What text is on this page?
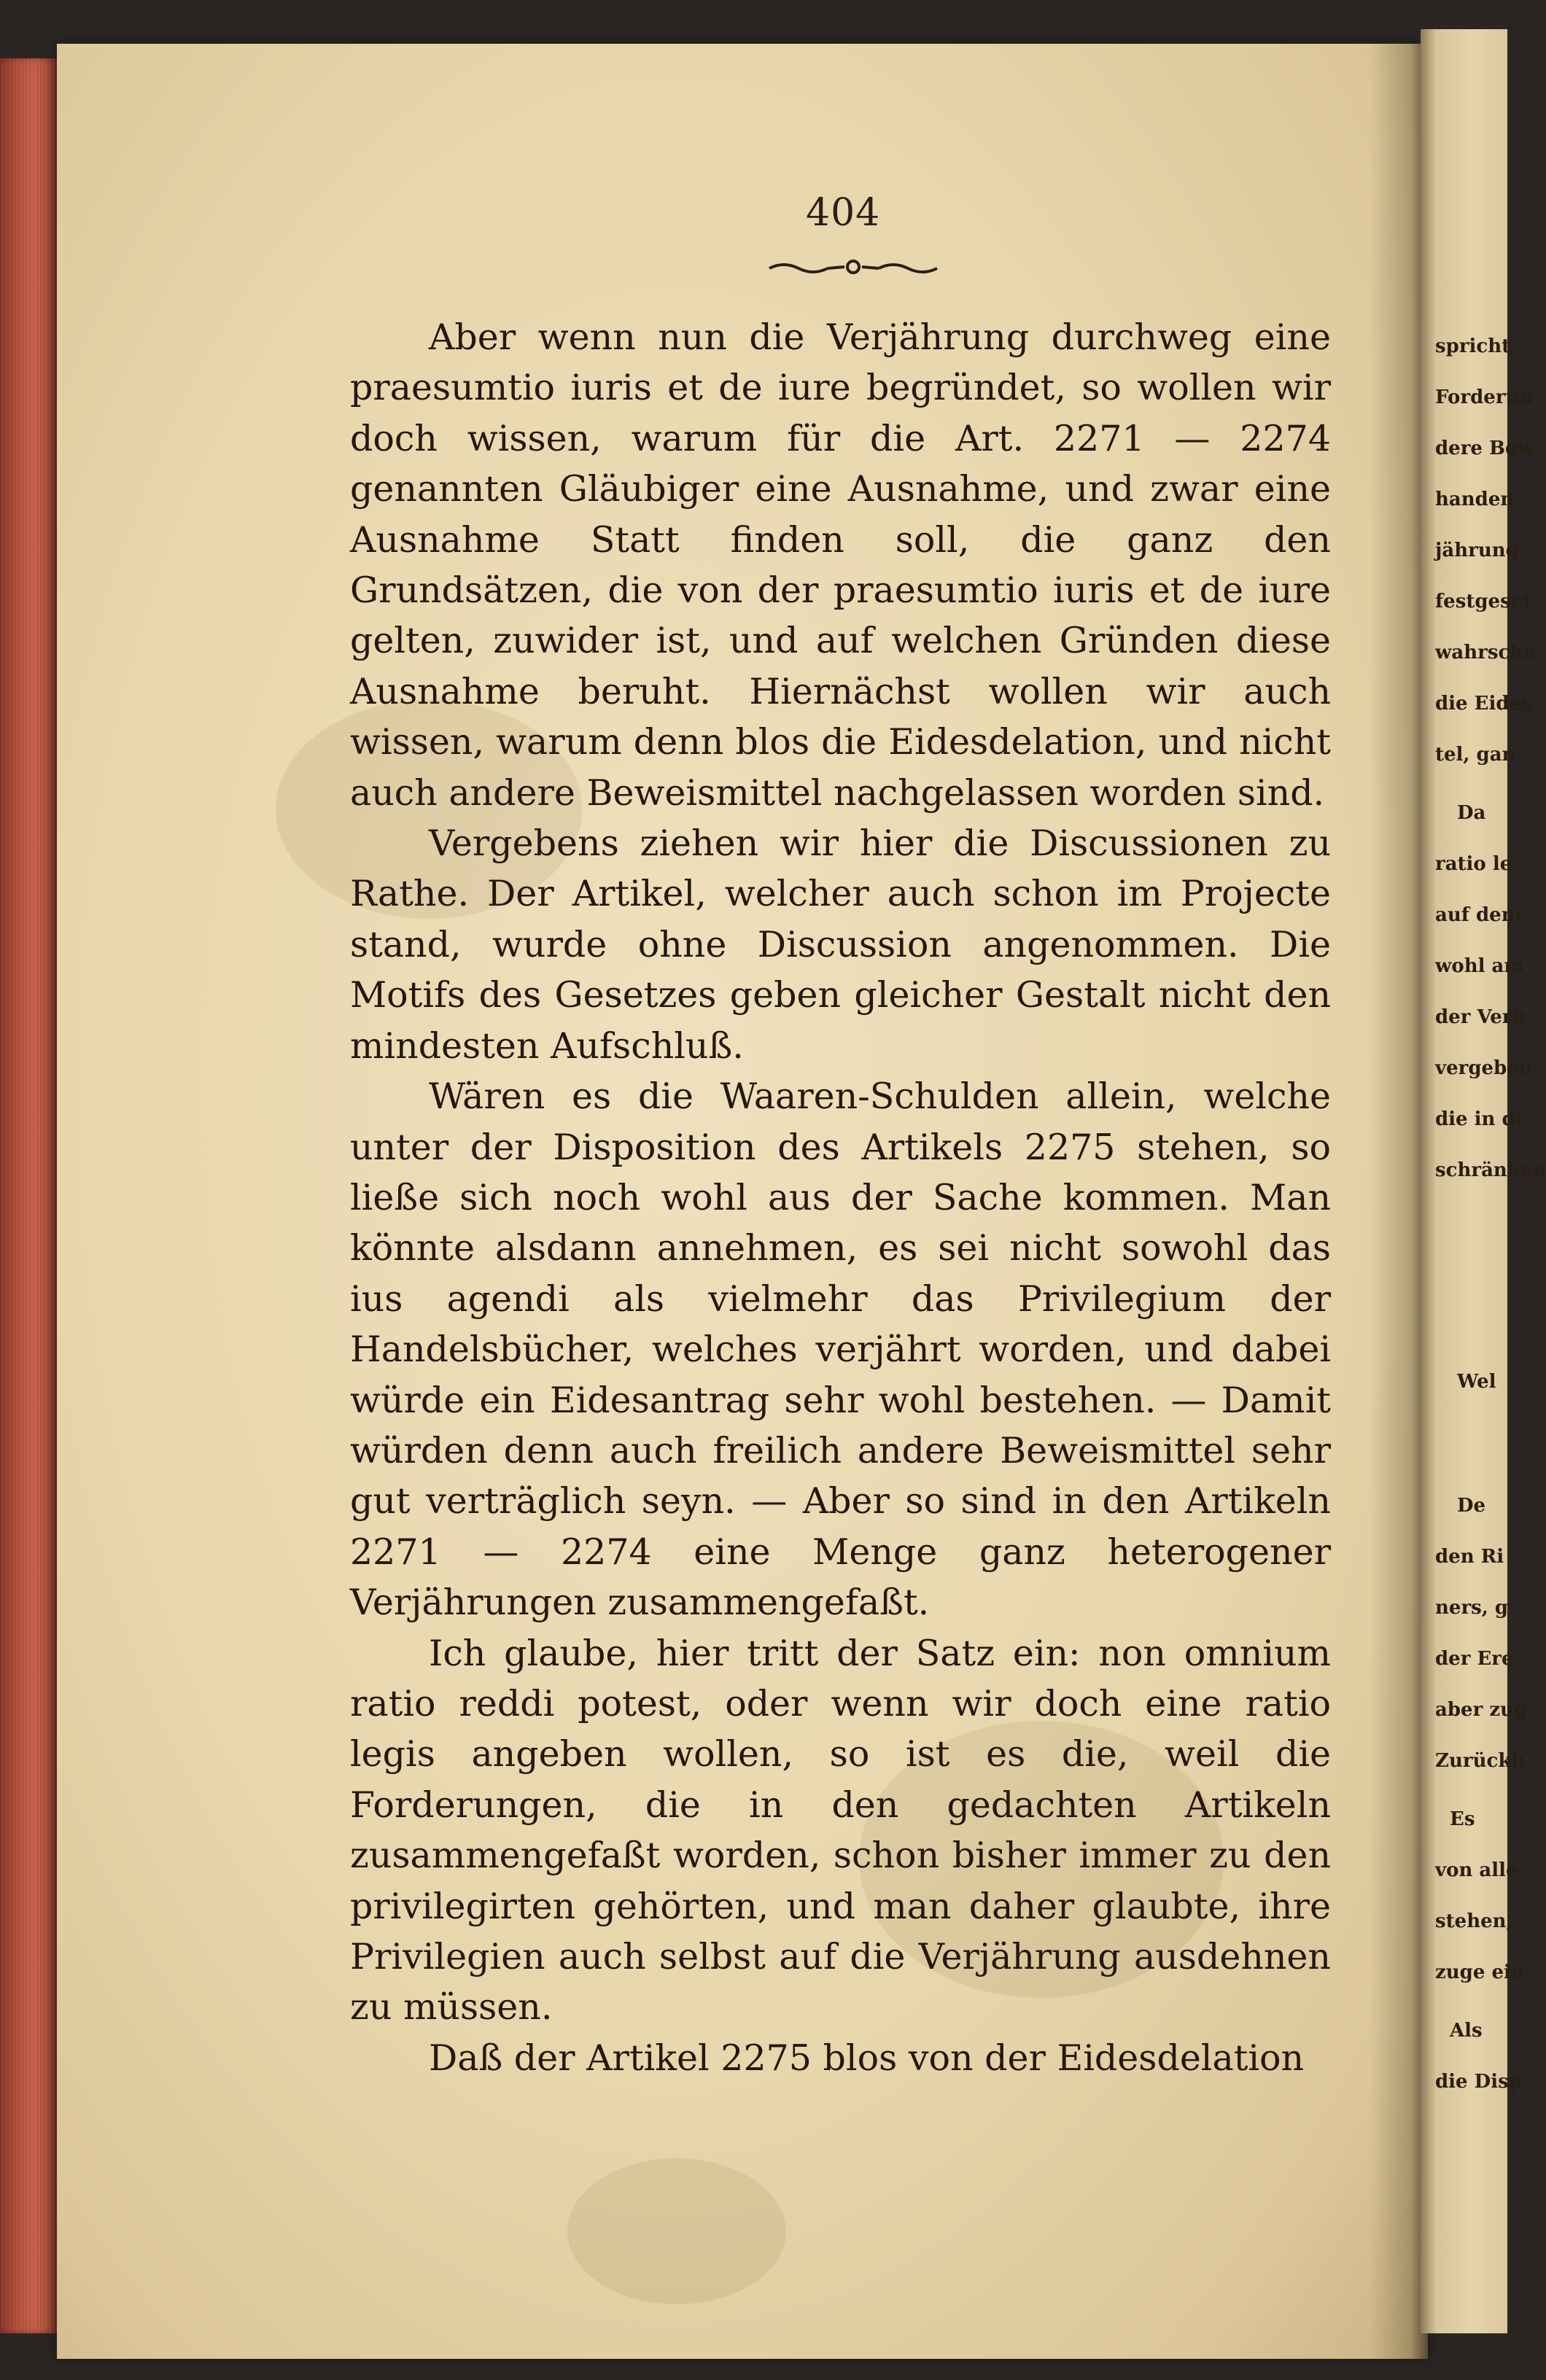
spricht,
Forderun
dere Bew
handen
jährung
festgeset
wahrsche
die Eides
tel, gan
Da
ratio le
auf dem
wohl am
der Verb
vergeben
die in di
schränken
Wel
De
den Ri
ners, g
der Ere
aber zug
Zurückh
Es
von alle
stehen,
zuge ein
Als
die Disp
404

Aber wenn nun die Verjährung durchweg eine praesumtio iuris et de iure begründet, so wollen wir doch wissen, warum für die Art. 2271 — 2274 genannten Gläubiger eine Ausnahme, und zwar eine Ausnahme Statt finden soll, die ganz den Grundsätzen, die von der praesumtio iuris et de iure gelten, zuwider ist, und auf welchen Gründen diese Ausnahme beruht. Hiernächst wollen wir auch wissen, warum denn blos die Eidesdelation, und nicht auch andere Beweismittel nachgelassen worden sind.

Vergebens ziehen wir hier die Discussionen zu Rathe. Der Artikel, welcher auch schon im Projecte stand, wurde ohne Discussion angenommen. Die Motifs des Gesetzes geben gleicher Gestalt nicht den mindesten Aufschluß.

Wären es die Waaren-Schulden allein, welche unter der Disposition des Artikels 2275 stehen, so ließe sich noch wohl aus der Sache kommen. Man könnte alsdann annehmen, es sei nicht sowohl das ius agendi als vielmehr das Privilegium der Handelsbücher, welches verjährt worden, und dabei würde ein Eidesantrag sehr wohl bestehen. — Damit würden denn auch freilich andere Beweismittel sehr gut verträglich seyn. — Aber so sind in den Artikeln 2271 — 2274 eine Menge ganz heterogener Verjährungen zusammengefaßt.

Ich glaube, hier tritt der Satz ein: non omnium ratio reddi potest, oder wenn wir doch eine ratio legis angeben wollen, so ist es die, weil die Forderungen, die in den gedachten Artikeln zusammengefaßt worden, schon bisher immer zu den privilegirten gehörten, und man daher glaubte, ihre Privilegien auch selbst auf die Verjährung ausdehnen zu müssen.

Daß der Artikel 2275 blos von der Eidesdelation
